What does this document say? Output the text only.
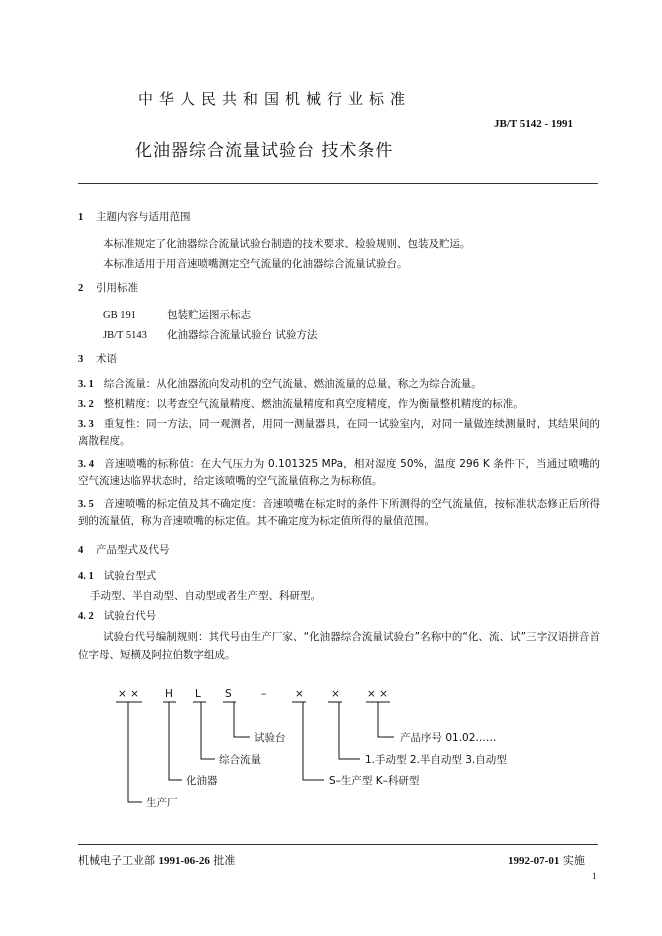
中华人民共和国机械行业标准
JB/T 5142 - 1991
化油器综合流量试验台 技术条件
1 主题内容与适用范围
本标准规定了化油器综合流量试验台制造的技术要求、检验规则、包装及贮运。
本标准适用于用音速喷嘴测定空气流量的化油器综合流量试验台。
2 引用标准
GB 191	包装贮运图示标志
JB/T 5143 化油器综合流量试验台 试验方法
3 术语
3. 1 综合流量：从化油器流向发动机的空气流量、燃油流量的总量，称之为综合流量。
3. 2 整机精度：以考查空气流量精度、燃油流量精度和真空度精度，作为衡量整机精度的标准。
3. 3 重复性：同一方法，同一观测者，用同一测量器具，在同一试验室内，对同一量做连续测量时，其结果间的离散程度。
3. 4 音速喷嘴的标称值：在大气压力为 0.101325 MPa，相对湿度 50%，温度 296 K 条件下，当通过喷嘴的空气流速达临界状态时，给定该喷嘴的空气流量值称之为标称值。
3. 5 音速喷嘴的标定值及其不确定度：音速喷嘴在标定时的条件下所测得的空气流量值，按标准状态修正后所得到的流量值，称为音速喷嘴的标定值。其不确定度为标定值所得的量值范围。
4 产品型式及代号
4. 1 试验台型式
手动型、半自动型、自动型或者生产型、科研型。
4. 2 试验台代号
试验台代号编制规则：其代号由生产厂家、“化油器综合流量试验台”名称中的“化、流、试”三字汉语拼音首位字母、短横及阿拉伯数字组成。
× × H L S	–	×	×	× ×
试验台
综合流量
化油器
生产厂
产品序号 01.02……
1.手动型 2.半自动型 3.自动型
S–生产型 K–科研型
机械电子工业部 1991-06-26 批准	1992-07-01 实施
1
